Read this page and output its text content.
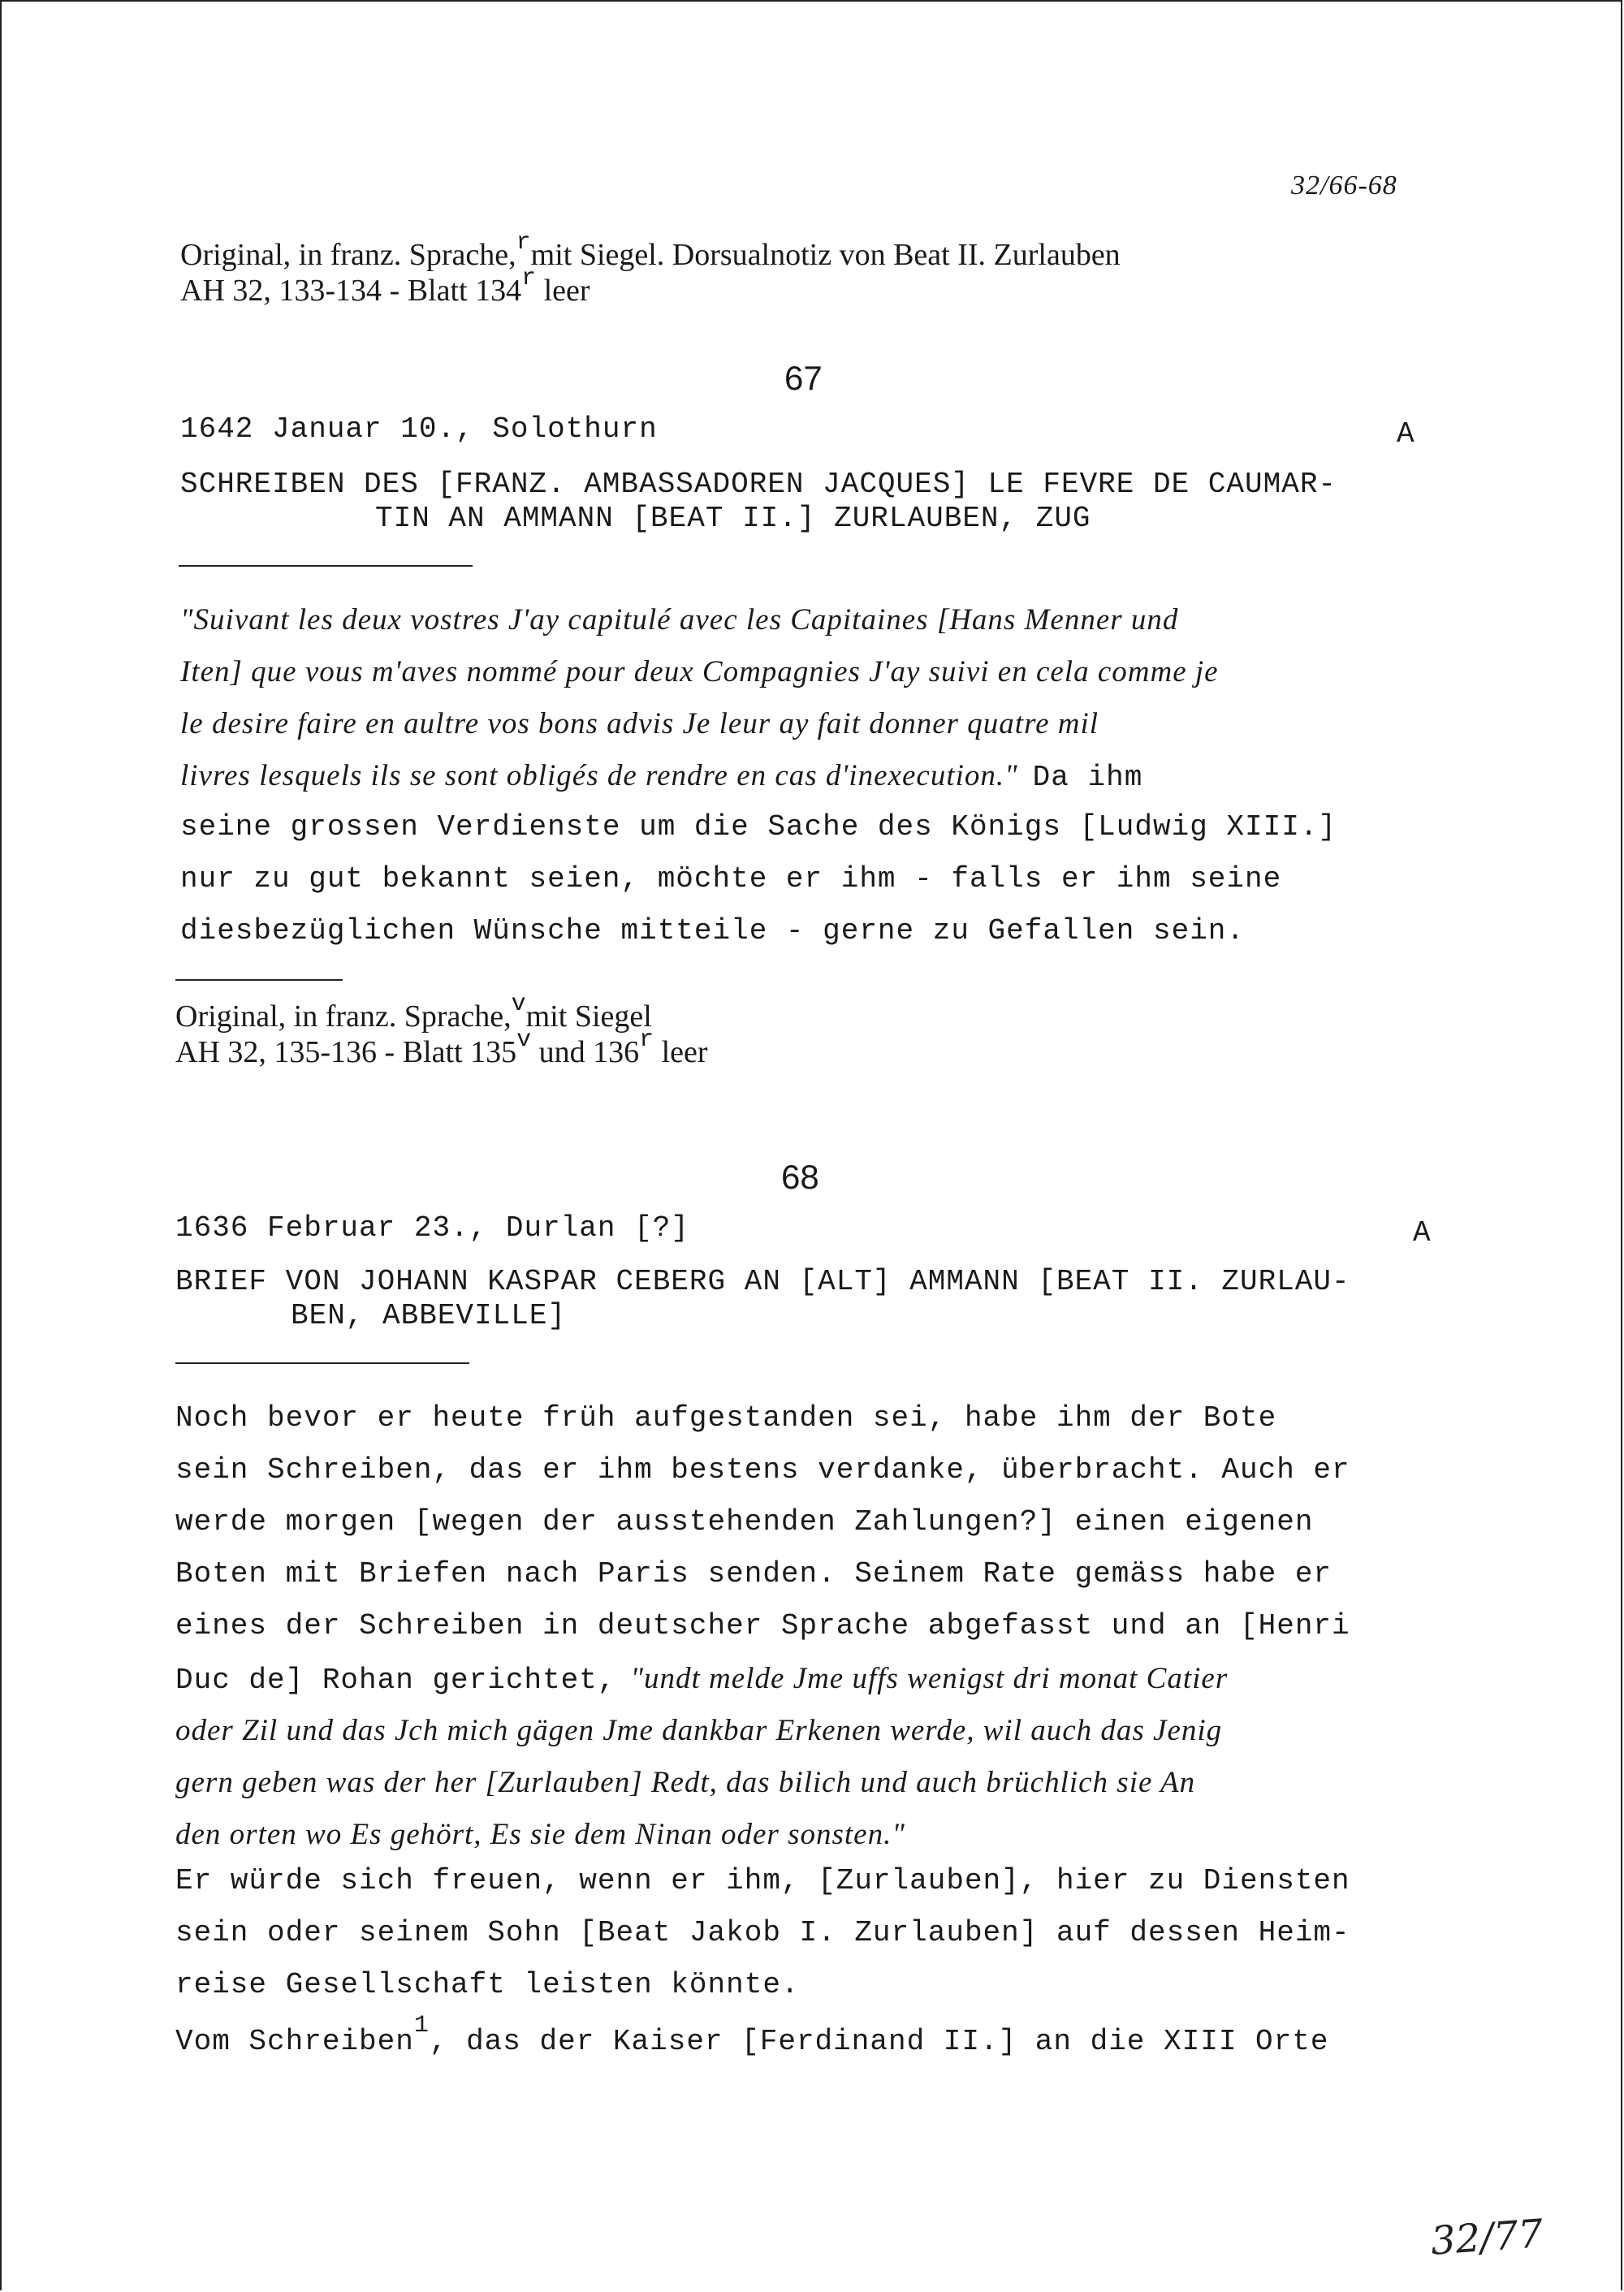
32/66-68
Original, in franz. Sprache,$^r$mit Siegel. Dorsualnotiz von Beat II. Zurlauben
AH 32, 133-134 - Blatt 134$^r$ leer
67
1642 Januar 10., Solothurn	A
SCHREIBEN DES [FRANZ. AMBASSADOREN JACQUES] LE FEVRE DE CAUMAR-
TIN AN AMMANN [BEAT II.] ZURLAUBEN, ZUG
"Suivant les deux vostres J'ay capitulé avec les Capitaines [Hans Menner und
Iten] que vous m'aves nommé pour deux Compagnies J'ay suivi en cela comme je
le desire faire en aultre vos bons advis Je leur ay fait donner quatre mil
livres lesquels ils se sont obligés de rendre en cas d'inexecution." Da ihm
seine grossen Verdienste um die Sache des Königs [Ludwig XIII.]
nur zu gut bekannt seien, möchte er ihm - falls er ihm seine
diesbezüglichen Wünsche mitteile - gerne zu Gefallen sein.
Original, in franz. Sprache,$^v$mit Siegel
AH 32, 135-136 - Blatt 135$^v$ und 136$^r$ leer
68
1636 Februar 23., Durlan [?]	A
BRIEF VON JOHANN KASPAR CEBERG AN [ALT] AMMANN [BEAT II. ZURLAU-
BEN, ABBEVILLE]
Noch bevor er heute früh aufgestanden sei, habe ihm der Bote
sein Schreiben, das er ihm bestens verdanke, überbracht. Auch er
werde morgen [wegen der ausstehenden Zahlungen?] einen eigenen
Boten mit Briefen nach Paris senden. Seinem Rate gemäss habe er
eines der Schreiben in deutscher Sprache abgefasst und an [Henri
Duc de] Rohan gerichtet, "undt melde Jme uffs wenigst dri monat Catier
oder Zil und das Jch mich gägen Jme dankbar Erkenen werde, wil auch das Jenig
gern geben was der her [Zurlauben] Redt, das bilich und auch brüchlich sie An
den orten wo Es gehört, Es sie dem Ninan oder sonsten."
Er würde sich freuen, wenn er ihm, [Zurlauben], hier zu Diensten
sein oder seinem Sohn [Beat Jakob I. Zurlauben] auf dessen Heim-
reise Gesellschaft leisten könnte.
Vom Schreiben$^1$, das der Kaiser [Ferdinand II.] an die XIII Orte
32/77
